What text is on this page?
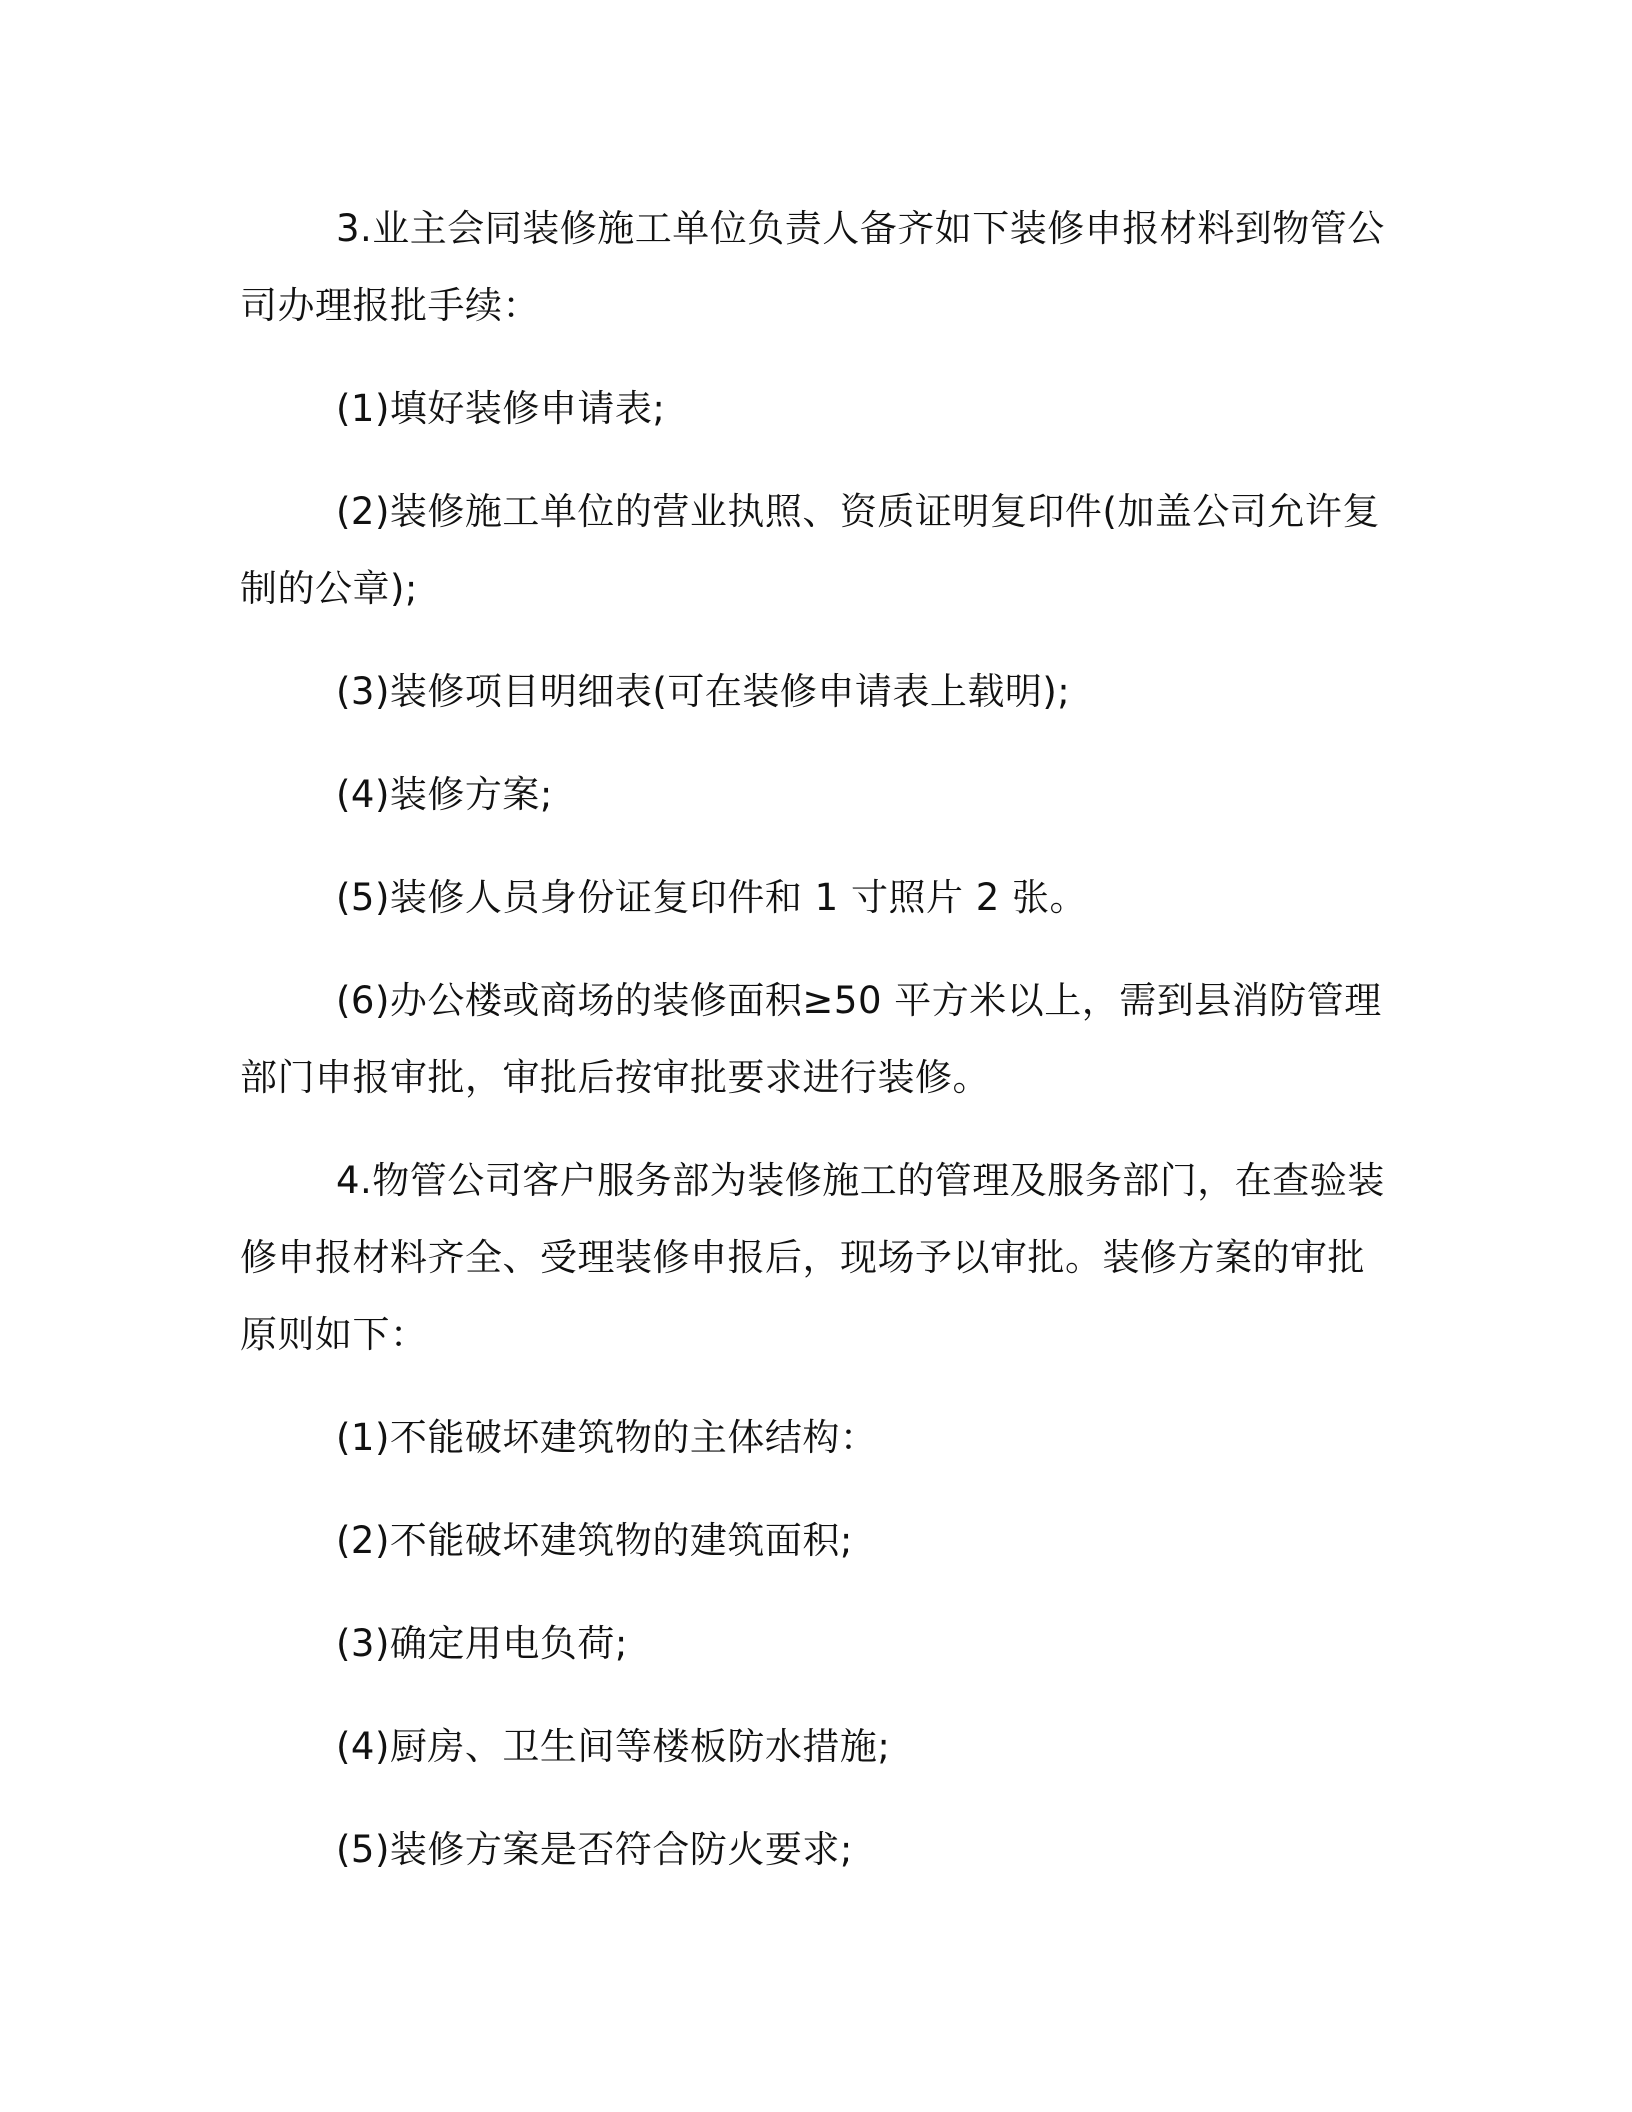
3.业主会同装修施工单位负责人备齐如下装修申报材料到物管公司办理报批手续：

(1)填好装修申请表;

(2)装修施工单位的营业执照、资质证明复印件(加盖公司允许复制的公章);

(3)装修项目明细表(可在装修申请表上载明);

(4)装修方案;

(5)装修人员身份证复印件和 1 寸照片 2 张。

(6)办公楼或商场的装修面积≥50 平方米以上，需到县消防管理部门申报审批，审批后按审批要求进行装修。

4.物管公司客户服务部为装修施工的管理及服务部门，在查验装修申报材料齐全、受理装修申报后，现场予以审批。装修方案的审批原则如下：

(1)不能破坏建筑物的主体结构：

(2)不能破坏建筑物的建筑面积;

(3)确定用电负荷;

(4)厨房、卫生间等楼板防水措施;

(5)装修方案是否符合防火要求;
